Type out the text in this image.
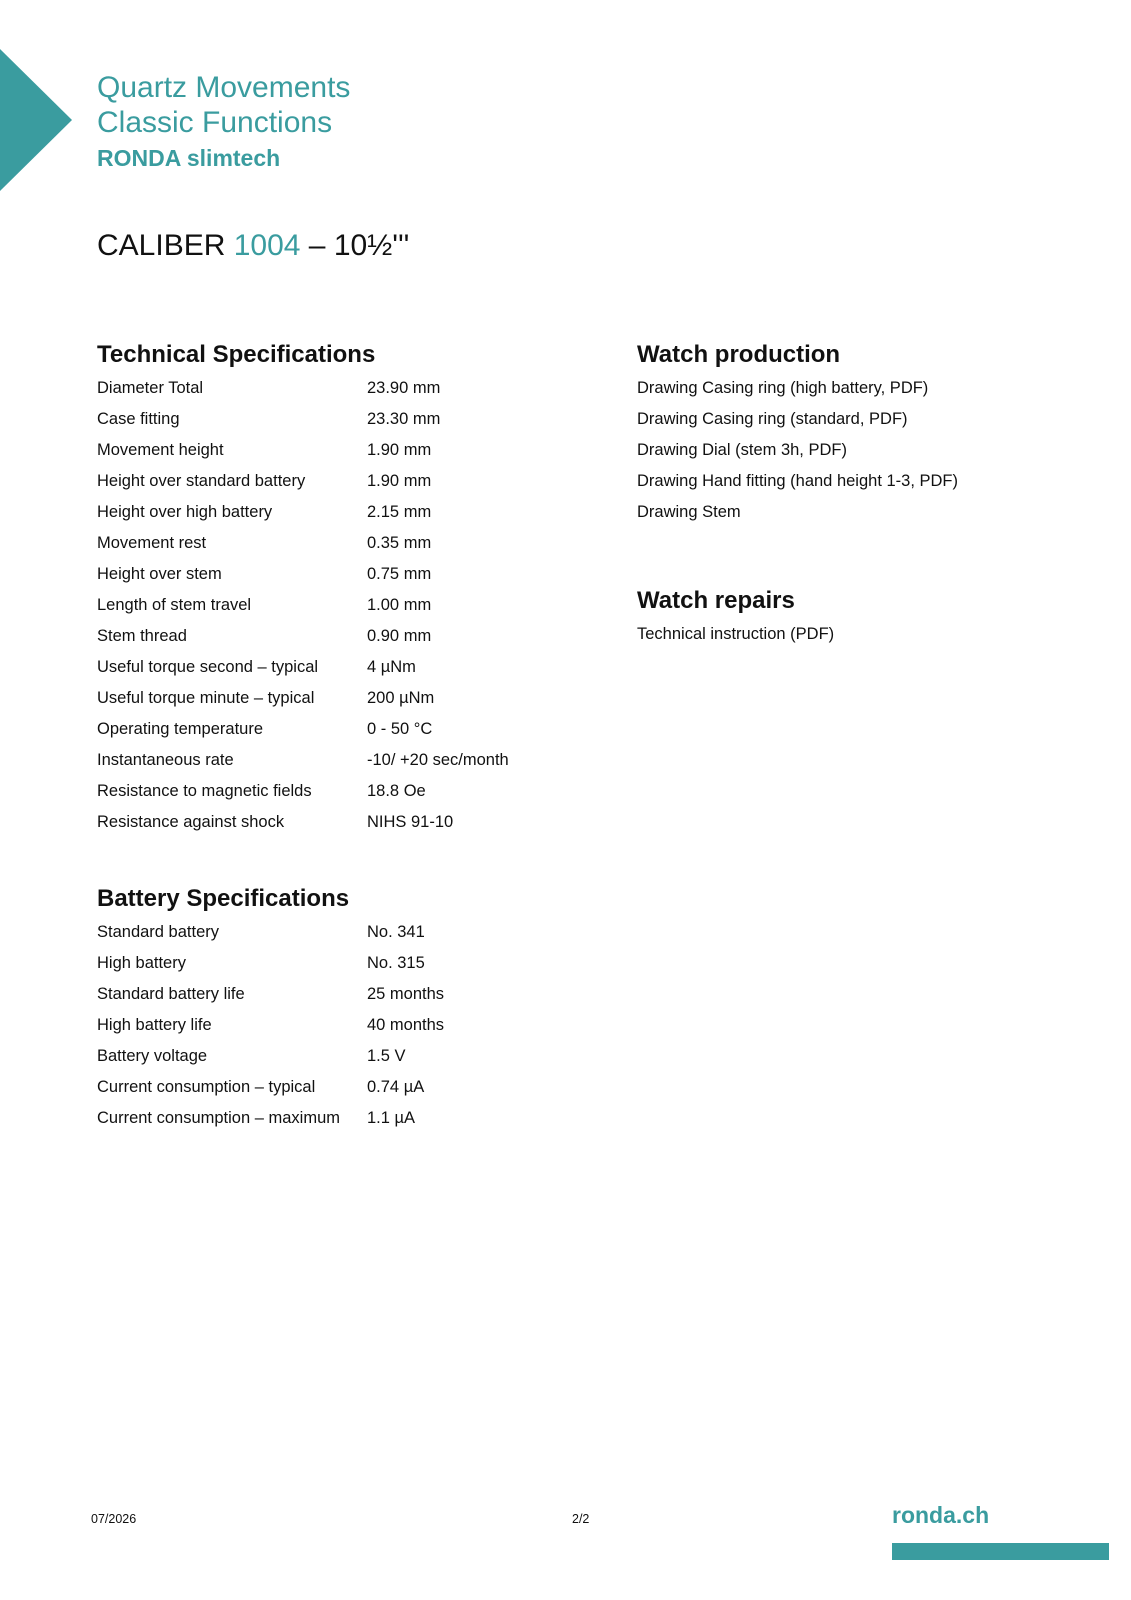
Quartz Movements
Classic Functions
RONDA slimtech
CALIBER 1004 – 10½'''
Technical Specifications
Diameter Total	23.90 mm
Case fitting	23.30 mm
Movement height	1.90 mm
Height over standard battery	1.90 mm
Height over high battery	2.15 mm
Movement rest	0.35 mm
Height over stem	0.75 mm
Length of stem travel	1.00 mm
Stem thread	0.90 mm
Useful torque second – typical	4 µNm
Useful torque minute – typical	200 µNm
Operating temperature	0 - 50 °C
Instantaneous rate	-10/ +20 sec/month
Resistance to magnetic fields	18.8 Oe
Resistance against shock	NIHS 91-10
Battery Specifications
Standard battery	No. 341
High battery	No. 315
Standard battery life	25 months
High battery life	40 months
Battery voltage	1.5 V
Current consumption – typical	0.74 µA
Current consumption – maximum	1.1 µA
Watch production
Drawing Casing ring (high battery, PDF)
Drawing Casing ring (standard, PDF)
Drawing Dial (stem 3h, PDF)
Drawing Hand fitting (hand height 1-3, PDF)
Drawing Stem
Watch repairs
Technical instruction (PDF)
07/2026	2/2	ronda.ch
